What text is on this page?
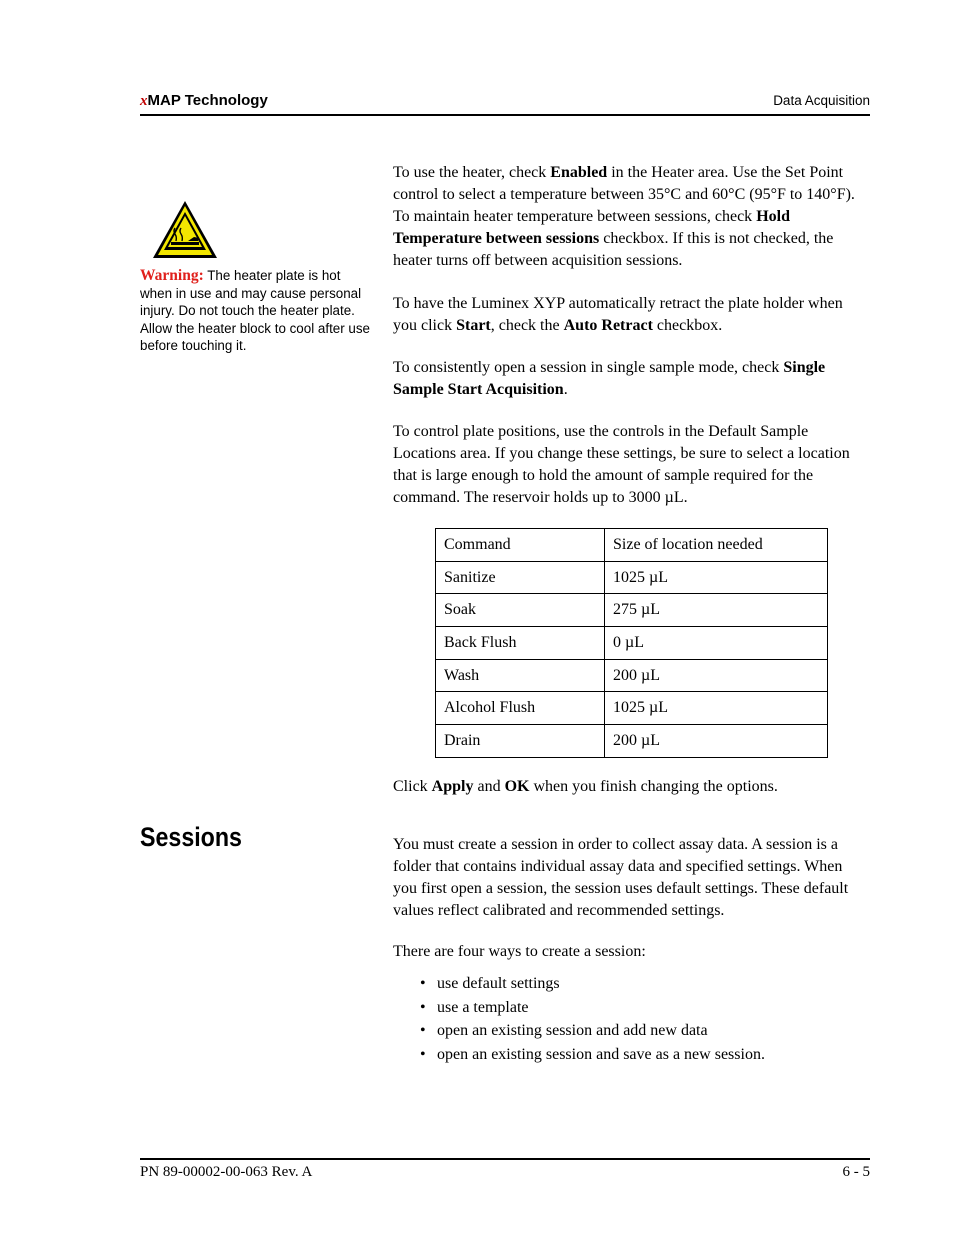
xMAP Technology	Data Acquisition
Warning: The heater plate is hot when in use and may cause personal injury. Do not touch the heater plate. Allow the heater block to cool after use before touching it.

To use the heater, check Enabled in the Heater area. Use the Set Point control to select a temperature between 35°C and 60°C (95°F to 140°F). To maintain heater temperature between sessions, check Hold Temperature between sessions checkbox. If this is not checked, the heater turns off between acquisition sessions.

To have the Luminex XYP automatically retract the plate holder when you click Start, check the Auto Retract checkbox.

To consistently open a session in single sample mode, check Single Sample Start Acquisition.

To control plate positions, use the controls in the Default Sample Locations area. If you change these settings, be sure to select a location that is large enough to hold the amount of sample required for the command. The reservoir holds up to 3000 µL.

Command	Size of location needed
Sanitize	1025 µL
Soak	275 µL
Back Flush	0 µL
Wash	200 µL
Alcohol Flush	1025 µL
Drain	200 µL

Click Apply and OK when you finish changing the options.

Sessions	You must create a session in order to collect assay data. A session is a folder that contains individual assay data and specified settings. When you first open a session, the session uses default settings. These default values reflect calibrated and recommended settings.

There are four ways to create a session:

• use default settings
• use a template
• open an existing session and add new data
• open an existing session and save as a new session.
PN 89-00002-00-063 Rev. A	6 - 5
